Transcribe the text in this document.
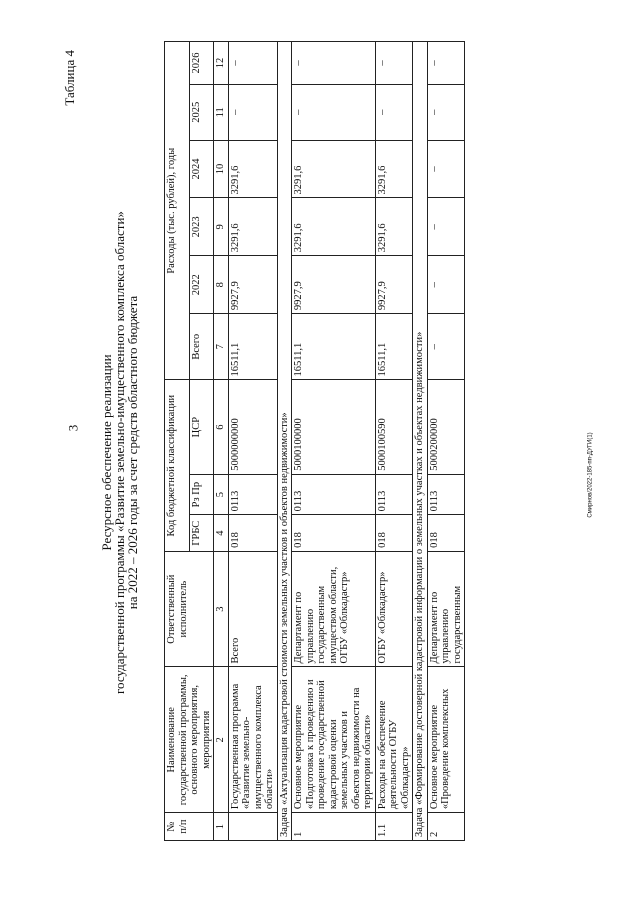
3
Смирнов/2022-185-пп-ДУГИ(1)
Таблица 4
Ресурсное обеспечение реализации
государственной программы «Развитие земельно-имущественного комплекса области»
на 2022 – 2026 годы за счет средств областного бюджета
№ п/п	Наименование государственной программы, основного мероприятия, мероприятия	Ответственный исполнитель	Код бюджетной классификации			Расходы (тыс. рублей), годы					
			ГРБС	Рз Пр	ЦСР	Всего	2022	2023	2024	2025	2026
1	2	3	4	5	6	7	8	9	10	11	12
	Государственная программа «Развитие земельно-имущественного комплекса области»	Всего	018	0113	5000000000	16511,1	9927,9	3291,6	3291,6	–	–
Задача «Актуализация кадастровой стоимости земельных участков и объектов недвижимости»											
1	Основное мероприятие «Подготовка к проведению и проведение государственной кадастровой оценки земельных участков и объектов недвижимости на территории области»	Департамент по управлению государственным имуществом области, ОГБУ «Облкадастр»	018	0113	5000100000	16511,1	9927,9	3291,6	3291,6	–	–
1.1	Расходы на обеспечение деятельности ОГБУ «Облкадастр»	ОГБУ «Облкадастр»	018	0113	5000100590	16511,1	9927,9	3291,6	3291,6	–	–
Задача «Формирование достоверной кадастровой информации о земельных участках и объектах недвижимости»											
2	Основное мероприятие «Проведение комплексных	Департамент по управлению государственным	018	0113	5000200000	–	–	–	–	–	–
